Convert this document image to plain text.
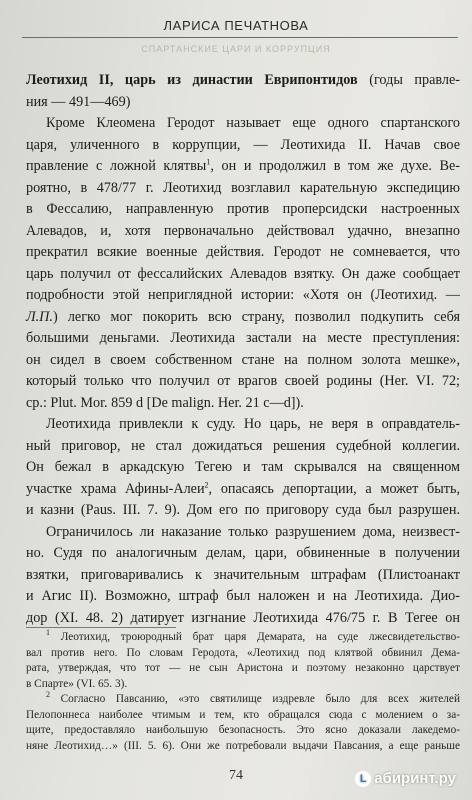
ЛАРИСА ПЕЧАТНОВА
СПАРТАНСКИЕ ЦАРИ И КОРРУПЦИЯ
Леотихид II, царь из династии Еврипонтидов (годы правле-
ния — 491—469)
Кроме Клеомена Геродот называет еще одного спартанского
царя, уличенного в коррупции, — Леотихида II. Начав свое
правление с ложной клятвы$^1$, он и продолжил в том же духе. Ве-
роятно, в 478/77 г. Леотихид возглавил карательную экспедицию
в Фессалию, направленную против проперсидски настроенных
Алевадов, и, хотя первоначально действовал удачно, внезапно
прекратил всякие военные действия. Геродот не сомневается, что
царь получил от фессалийских Алевадов взятку. Он даже сообщает
подробности этой неприглядной истории: «Хотя он (Леотихид. —
Л.П.) легко мог покорить всю страну, позволил подкупить себя
большими деньгами. Леотихида застали на месте преступления:
он сидел в своем собственном стане на полном золота мешке»,
который только что получил от врагов своей родины (Her. VI. 72;
ср.: Plut. Mor. 859 d [De malign. Her. 21 c—d]).
Леотихида привлекли к суду. Но царь, не веря в оправдатель-
ный приговор, не стал дожидаться решения судебной коллегии.
Он бежал в аркадскую Тегею и там скрывался на священном
участке храма Афины-Алеи$^2$, опасаясь депортации, а может быть,
и казни (Paus. III. 7. 9). Дом его по приговору суда был разрушен.
Ограничилось ли наказание только разрушением дома, неизвест-
но. Судя по аналогичным делам, цари, обвиненные в получении
взятки, приговаривались к значительным штрафам (Плистоанакт
и Агис II). Возможно, штраф был наложен и на Леотихида. Дио-
дор (XI. 48. 2) датирует изгнание Леотихида 476/75 г. В Тегее он
$^1$ Леотихид, троюродный брат царя Демарата, на суде лжесвидетельство-
вал против него. По словам Геродота, «Леотихид под клятвой обвинил Дема-
рата, утверждая, что тот — не сын Аристона и поэтому незаконно царствует
в Спарте» (VI. 65. 3).
$^2$ Согласно Павсанию, «это святилище издревле было для всех жителей
Пелопоннеса наиболее чтимым и тем, кто обращался сюда с молением о за-
щите, предоставляло наибольшую безопасность. Это ясно доказали лакедемо-
няне Леотихид…» (III. 5. 6). Они же потребовали выдачи Павсания, а еще раньше
74	L абиринт.ру
